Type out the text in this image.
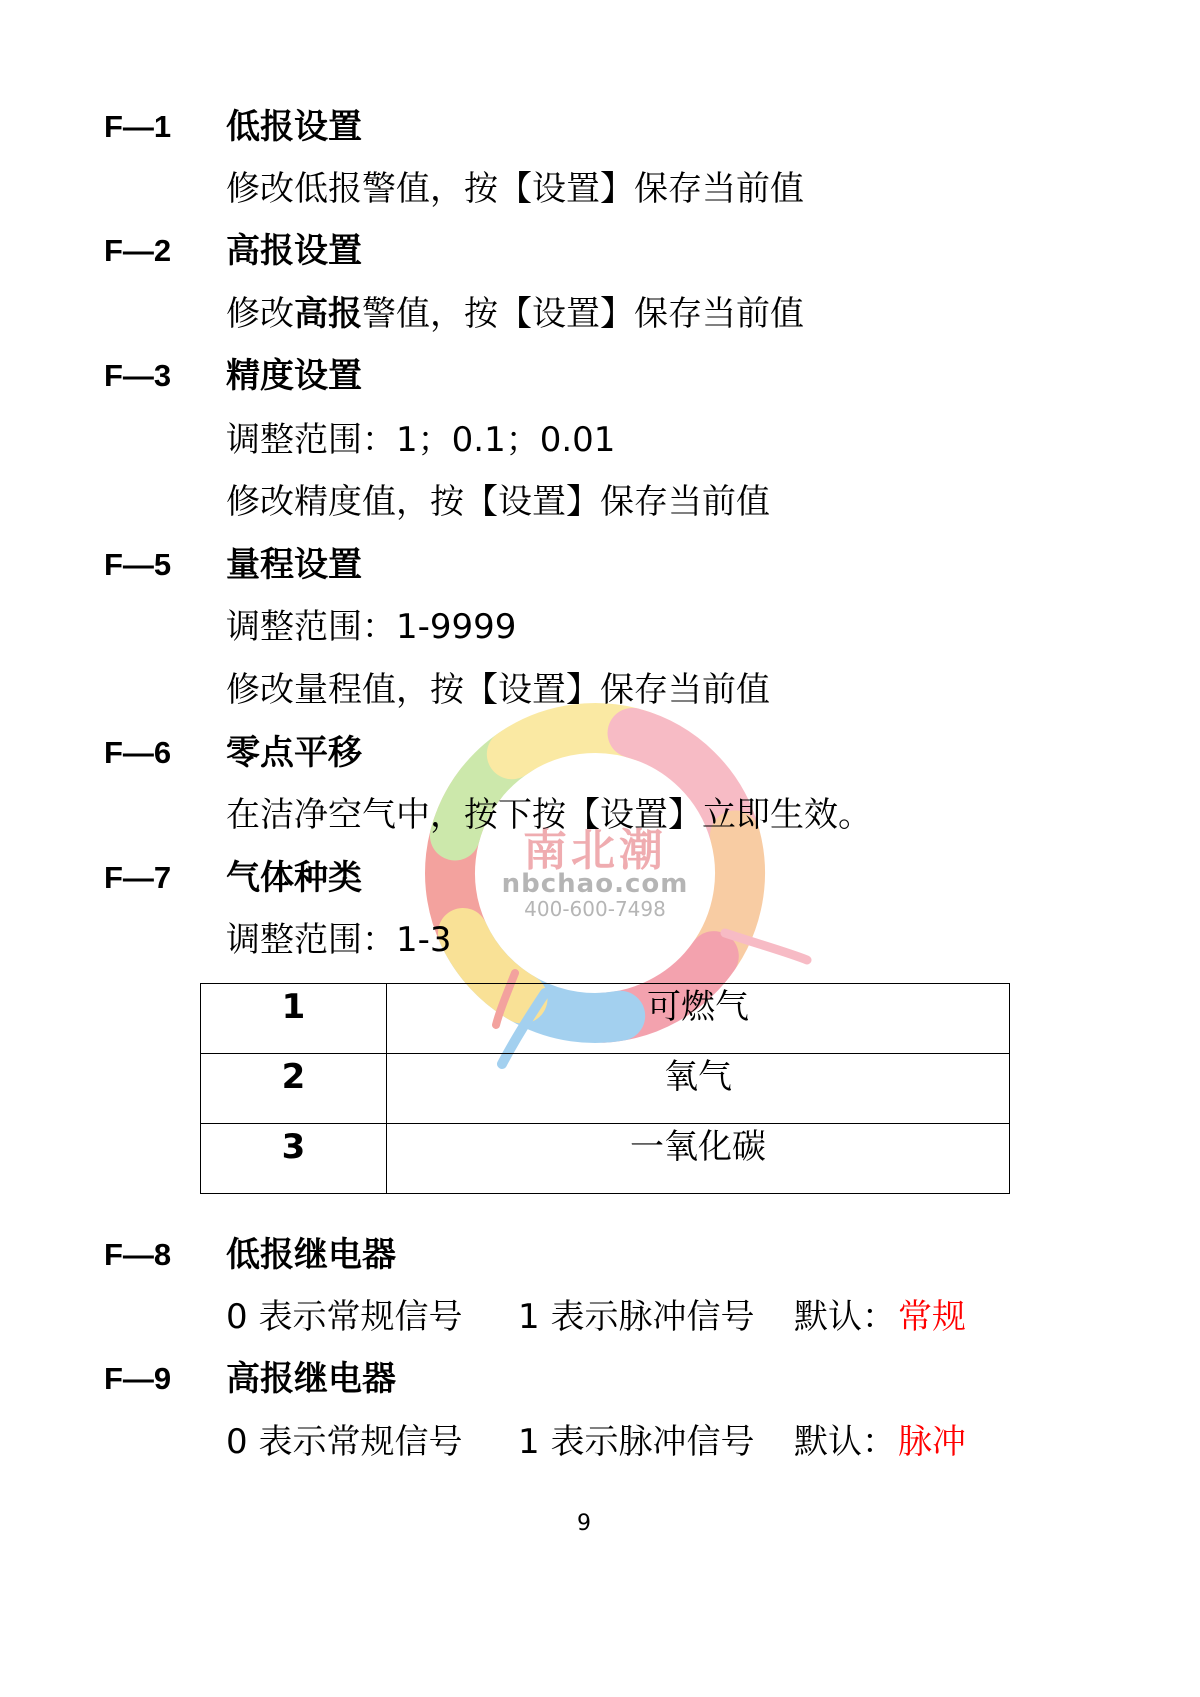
南北潮
nbchao.com
400-600-7498
F—1 低报设置
修改低报警值，按【设置】保存当前值
F—2 高报设置
修改高报警值，按【设置】保存当前值
F—3 精度设置
调整范围：1；0.1；0.01
修改精度值，按【设置】保存当前值
F—5 量程设置
调整范围：1-9999
修改量程值，按【设置】保存当前值
F—6 零点平移
在洁净空气中，按下按【设置】立即生效。
F—7 气体种类
调整范围：1-3
1	可燃气
2	氧气
3	一氧化碳
F—8 低报继电器
0 表示常规信号 1 表示脉冲信号 默认： 常规
F—9 高报继电器
0 表示常规信号 1 表示脉冲信号 默认： 脉冲
9
